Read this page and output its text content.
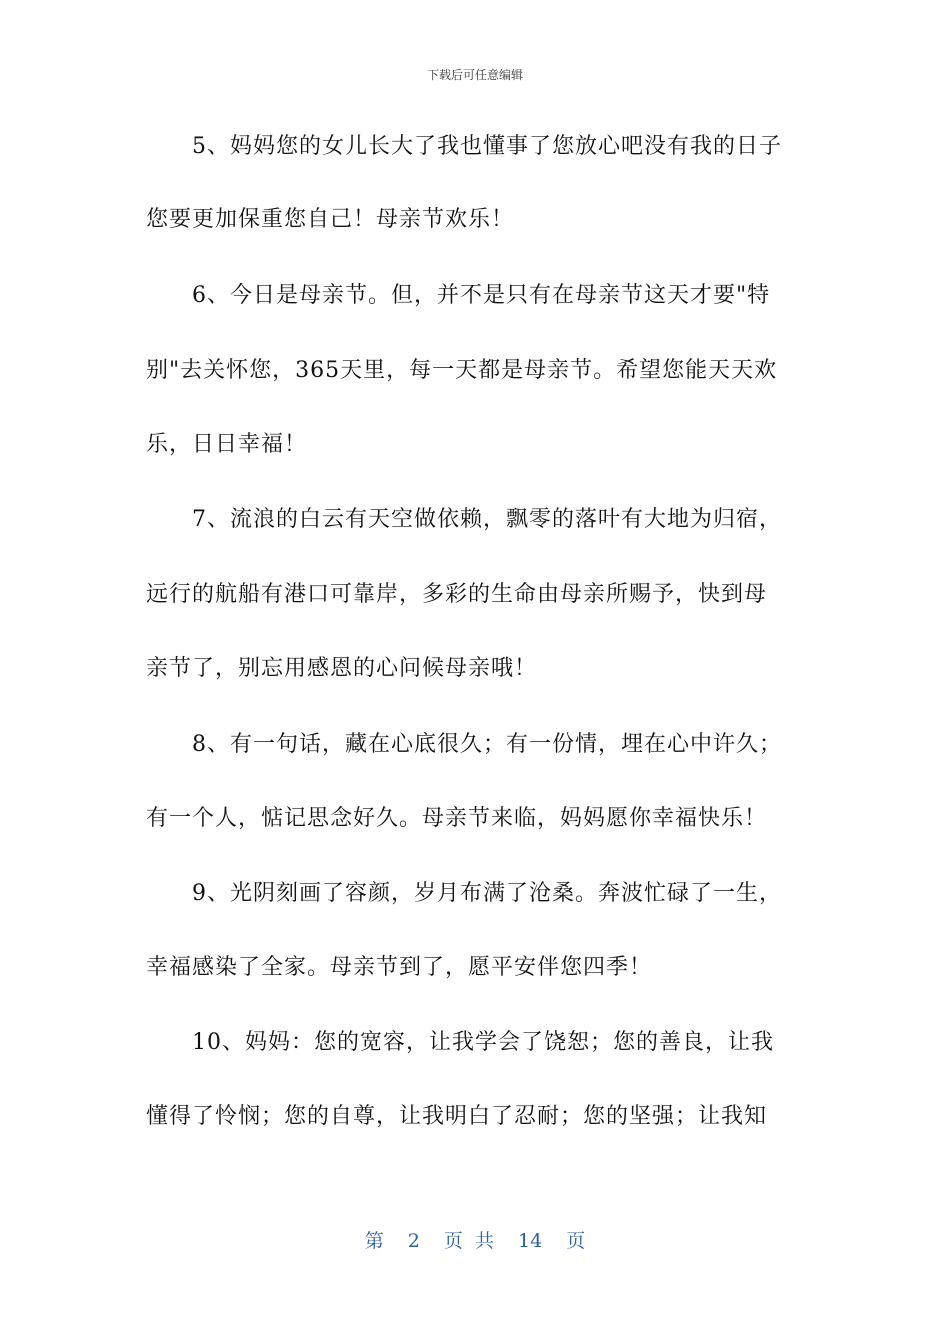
下载后可任意编辑
5、妈妈您的女儿长大了我也懂事了您放心吧没有我的日子
您要更加保重您自己！母亲节欢乐！
6、今日是母亲节。但，并不是只有在母亲节这天才要"特
别"去关怀您，365天里，每一天都是母亲节。希望您能天天欢
乐，日日幸福！
7、流浪的白云有天空做依赖，飘零的落叶有大地为归宿，
远行的航船有港口可靠岸，多彩的生命由母亲所赐予，快到母
亲节了，别忘用感恩的心问候母亲哦！
8、有一句话，藏在心底很久；有一份情，埋在心中许久；
有一个人，惦记思念好久。母亲节来临，妈妈愿你幸福快乐！
9、光阴刻画了容颜，岁月布满了沧桑。奔波忙碌了一生，
幸福感染了全家。母亲节到了，愿平安伴您四季！
10、妈妈：您的宽容，让我学会了饶恕；您的善良，让我
懂得了怜悯；您的自尊，让我明白了忍耐；您的坚强；让我知
第 2 页 共 14 页
